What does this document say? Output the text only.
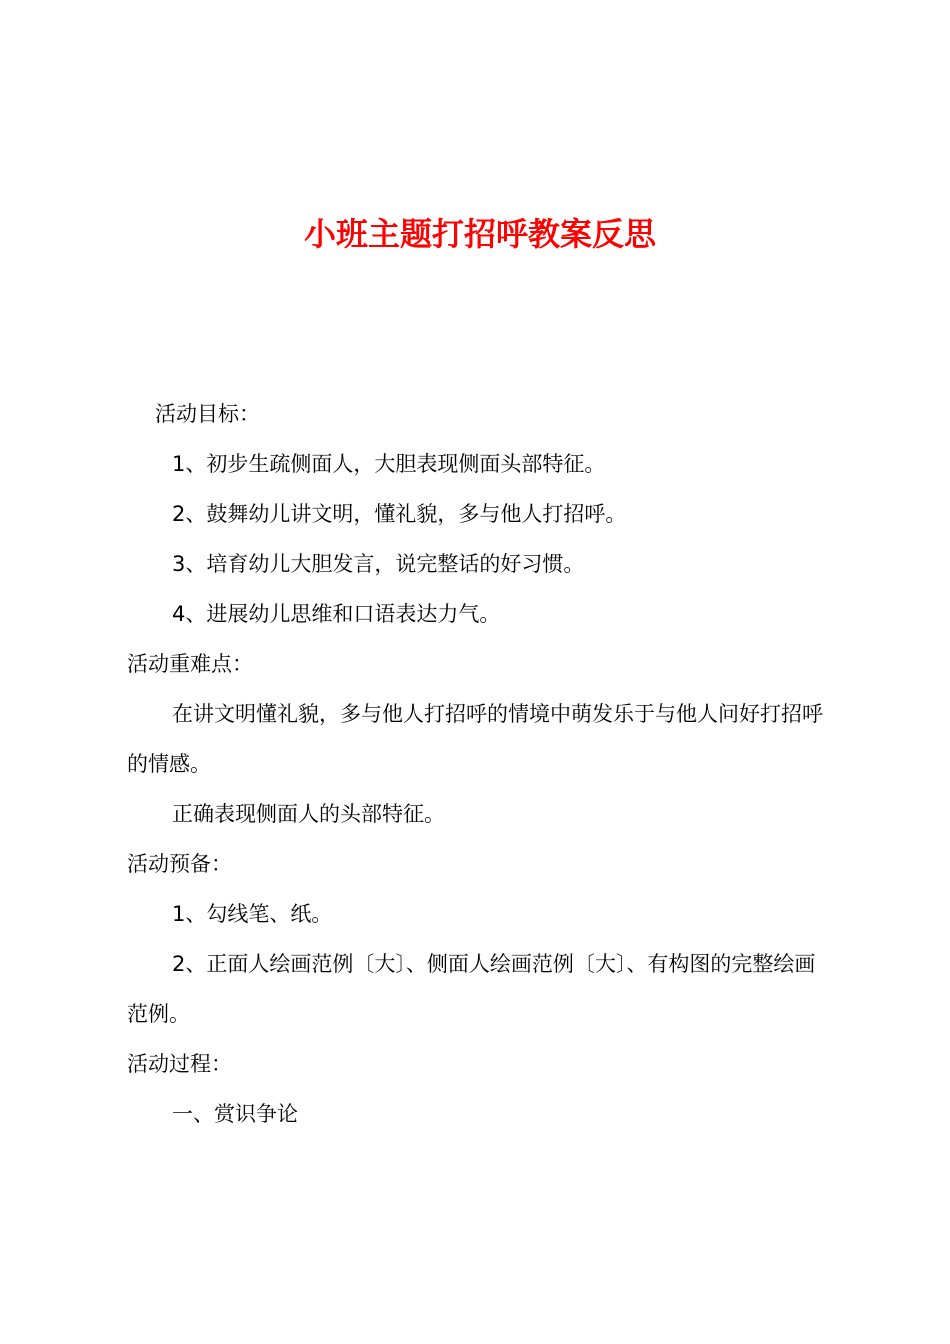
小班主题打招呼教案反思

活动目标：

1、初步生疏侧面人，大胆表现侧面头部特征。

2、鼓舞幼儿讲文明，懂礼貌，多与他人打招呼。

3、培育幼儿大胆发言，说完整话的好习惯。

4、进展幼儿思维和口语表达力气。

活动重难点：

在讲文明懂礼貌，多与他人打招呼的情境中萌发乐于与他人问好打招呼的情感。

正确表现侧面人的头部特征。

活动预备：

1、勾线笔、纸。

2、正面人绘画范例〔大〕、侧面人绘画范例〔大〕、有构图的完整绘画范例。

活动过程：

一、赏识争论
